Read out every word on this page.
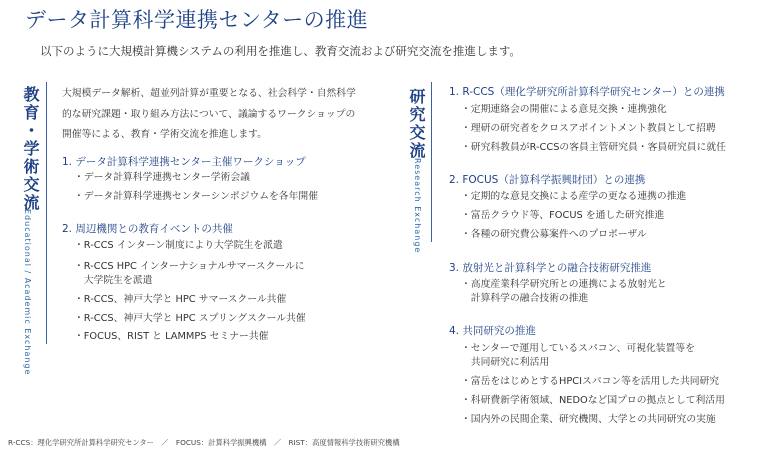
データ計算科学連携センターの推進
以下のように大規模計算機システムの利用を推進し、教育交流および研究交流を推進します。
教育・学術交流
Educational / Academic Exchange
大規模データ解析、超並列計算が重要となる、社会科学・自然科学的な研究課題・取り組み方法について、議論するワークショップの開催等による、教育・学術交流を推進します。
1. データ計算科学連携センター主催ワークショップ
・データ計算科学連携センター学術会議
・データ計算科学連携センターシンポジウムを各年開催
2. 周辺機関との教育イベントの共催
・R-CCS インターン制度により大学院生を派遣
・R-CCS HPC インターナショナルサマースクールに
　大学院生を派遣
・R-CCS、神戸大学と HPC サマースクール共催
・R-CCS、神戸大学と HPC スプリングスクール共催
・FOCUS、RIST と LAMMPS セミナー共催
研究交流
Research Exchange
1. R-CCS（理化学研究所計算科学研究センター）との連携
・定期連絡会の開催による意見交換・連携強化
・理研の研究者をクロスアポイントメント教員として招聘
・研究科教員がR-CCSの客員主管研究員・客員研究員に就任
2. FOCUS（計算科学振興財団）との連携
・定期的な意見交換による産学の更なる連携の推進
・富岳クラウド等、FOCUS を通した研究推進
・各種の研究費公募案件へのプロポーザル
3. 放射光と計算科学との融合技術研究推進
・高度産業科学研究所との連携による放射光と
　計算科学の融合技術の推進
4. 共同研究の推進
・センターで運用しているスパコン、可視化装置等を
　共同研究に利活用
・富岳をはじめとするHPCIスパコン等を活用した共同研究
・科研費新学術領域、NEDOなど国プロの拠点として利活用
・国内外の民間企業、研究機関、大学との共同研究の実施
R-CCS：理化学研究所計算科学研究センター　／　FOCUS：計算科学振興機構　／　RIST：高度情報科学技術研究機構
